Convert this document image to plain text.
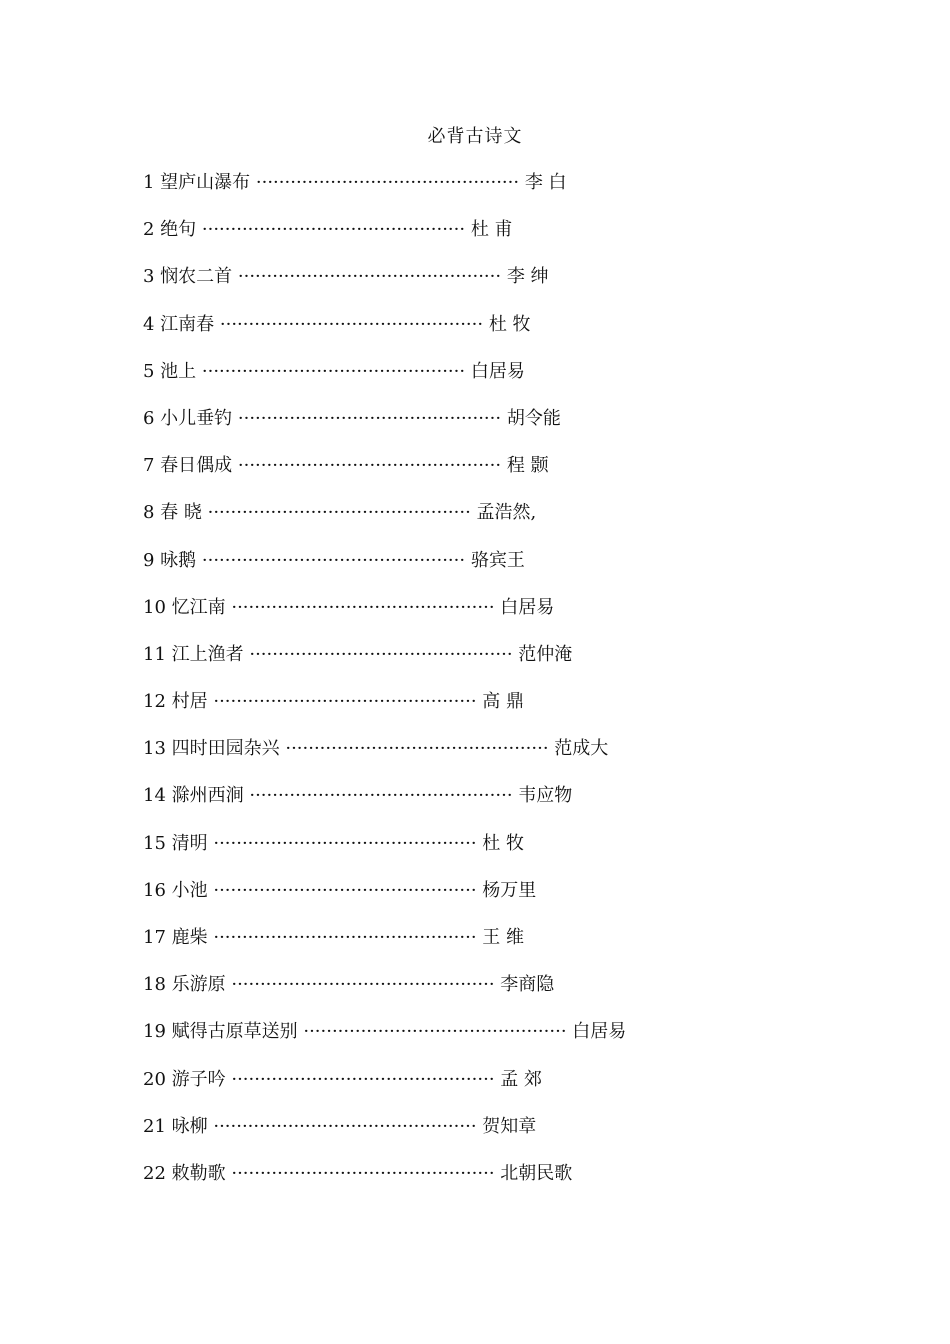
必背古诗文
1 望庐山瀑布 ·············································· 李 白
2 绝句 ·············································· 杜 甫
3 悯农二首 ·············································· 李 绅
4 江南春 ·············································· 杜 牧
5 池上 ·············································· 白居易
6 小儿垂钓 ·············································· 胡令能
7 春日偶成 ·············································· 程 颢
8 春 晓 ·············································· 孟浩然,
9 咏鹅 ·············································· 骆宾王
10 忆江南 ·············································· 白居易
11 江上渔者 ·············································· 范仲淹
12 村居 ·············································· 高 鼎
13 四时田园杂兴 ·············································· 范成大
14 滁州西涧 ·············································· 韦应物
15 清明 ·············································· 杜 牧
16 小池 ·············································· 杨万里
17 鹿柴 ·············································· 王 维
18 乐游原 ·············································· 李商隐
19 赋得古原草送别 ·············································· 白居易
20 游子吟 ·············································· 孟 郊
21 咏柳 ·············································· 贺知章
22 敕勒歌 ·············································· 北朝民歌
